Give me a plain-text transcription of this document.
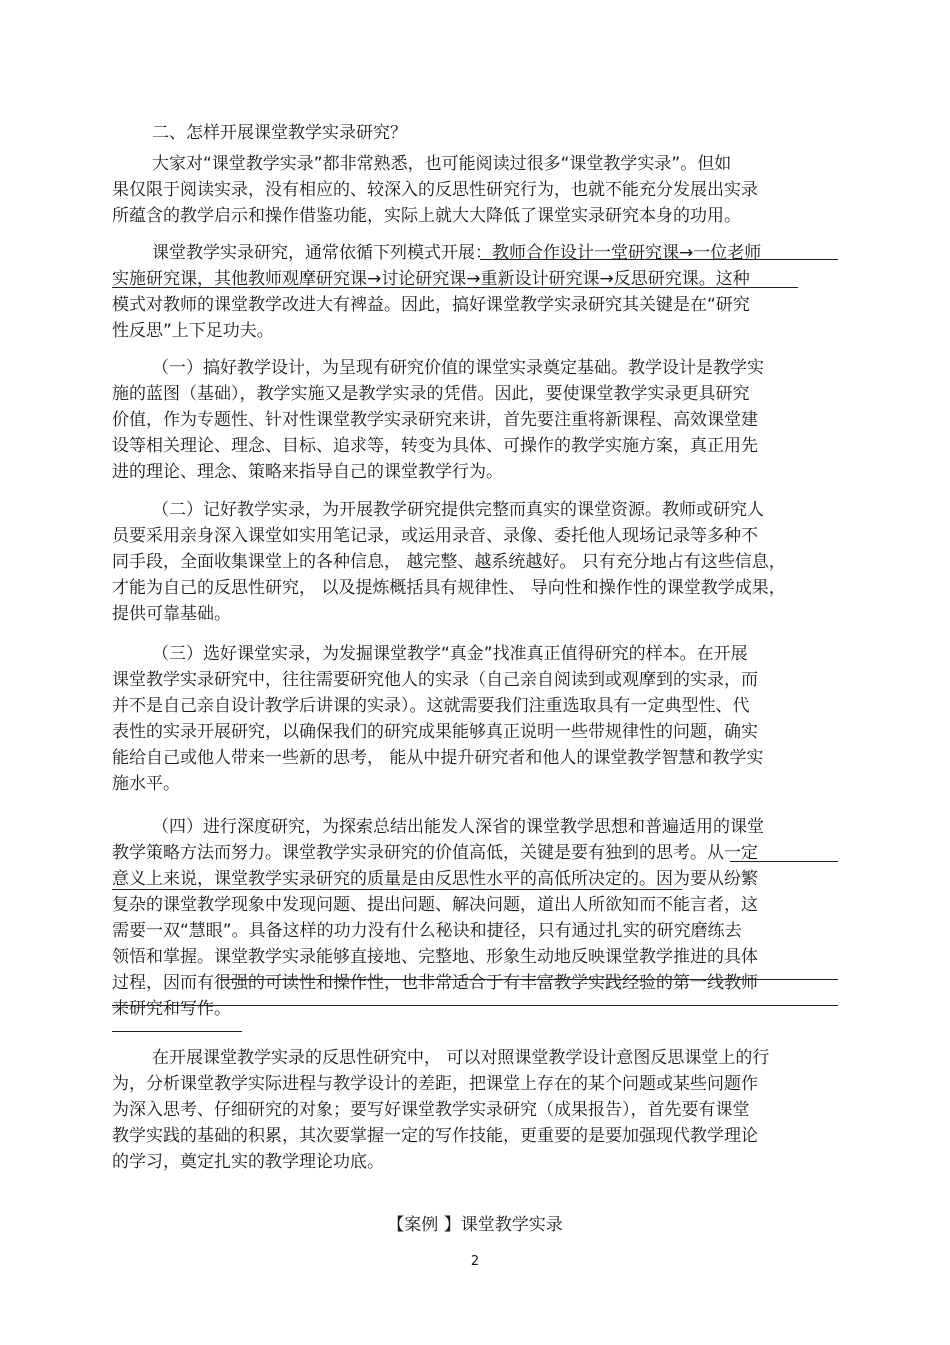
二、怎样开展课堂教学实录研究？
大家对“课堂教学实录”都非常熟悉，也可能阅读过很多“课堂教学实录”。但如
果仅限于阅读实录，没有相应的、较深入的反思性研究行为，也就不能充分发展出实录
所蕴含的教学启示和操作借鉴功能，实际上就大大降低了课堂实录研究本身的功用。
课堂教学实录研究，通常依循下列模式开展：教师合作设计一堂研究课→一位老师
实施研究课，其他教师观摩研究课→讨论研究课→重新设计研究课→反思研究课。这种
模式对教师的课堂教学改进大有裨益。因此，搞好课堂教学实录研究其关键是在“研究
性反思”上下足功夫。
（一）搞好教学设计，为呈现有研究价值的课堂实录奠定基础。教学设计是教学实
施的蓝图（基础），教学实施又是教学实录的凭借。因此，要使课堂教学实录更具研究
价值，作为专题性、针对性课堂教学实录研究来讲，首先要注重将新课程、高效课堂建
设等相关理论、理念、目标、追求等，转变为具体、可操作的教学实施方案，真正用先
进的理论、理念、策略来指导自己的课堂教学行为。
（二）记好教学实录，为开展教学研究提供完整而真实的课堂资源。教师或研究人
员要采用亲身深入课堂如实用笔记录，或运用录音、录像、委托他人现场记录等多种不
同手段，全面收集课堂上的各种信息， 越完整、越系统越好。 只有充分地占有这些信息，
才能为自己的反思性研究， 以及提炼概括具有规律性、 导向性和操作性的课堂教学成果，
提供可靠基础。
（三）选好课堂实录，为发掘课堂教学“真金”找准真正值得研究的样本。在开展
课堂教学实录研究中，往往需要研究他人的实录（自己亲自阅读到或观摩到的实录，而
并不是自己亲自设计教学后讲课的实录）。这就需要我们注重选取具有一定典型性、代
表性的实录开展研究，以确保我们的研究成果能够真正说明一些带规律性的问题，确实
能给自己或他人带来一些新的思考， 能从中提升研究者和他人的课堂教学智慧和教学实
施水平。
（四）进行深度研究，为探索总结出能发人深省的课堂教学思想和普遍适用的课堂
教学策略方法而努力。课堂教学实录研究的价值高低，关键是要有独到的思考。从一定
意义上来说，课堂教学实录研究的质量是由反思性水平的高低所决定的。因为要从纷繁
复杂的课堂教学现象中发现问题、提出问题、解决问题，道出人所欲知而不能言者，这
需要一双“慧眼”。具备这样的功力没有什么秘诀和捷径，只有通过扎实的研究磨练去
领悟和掌握。课堂教学实录能够直接地、完整地、形象生动地反映课堂教学推进的具体
过程，因而有很强的可读性和操作性，也非常适合于有丰富教学实践经验的第一线教师
来研究和写作。
在开展课堂教学实录的反思性研究中， 可以对照课堂教学设计意图反思课堂上的行
为，分析课堂教学实际进程与教学设计的差距，把课堂上存在的某个问题或某些问题作
为深入思考、仔细研究的对象；要写好课堂教学实录研究（成果报告），首先要有课堂
教学实践的基础的积累，其次要掌握一定的写作技能，更重要的是要加强现代教学理论
的学习，奠定扎实的教学理论功底。
【案例 】课堂教学实录
2
